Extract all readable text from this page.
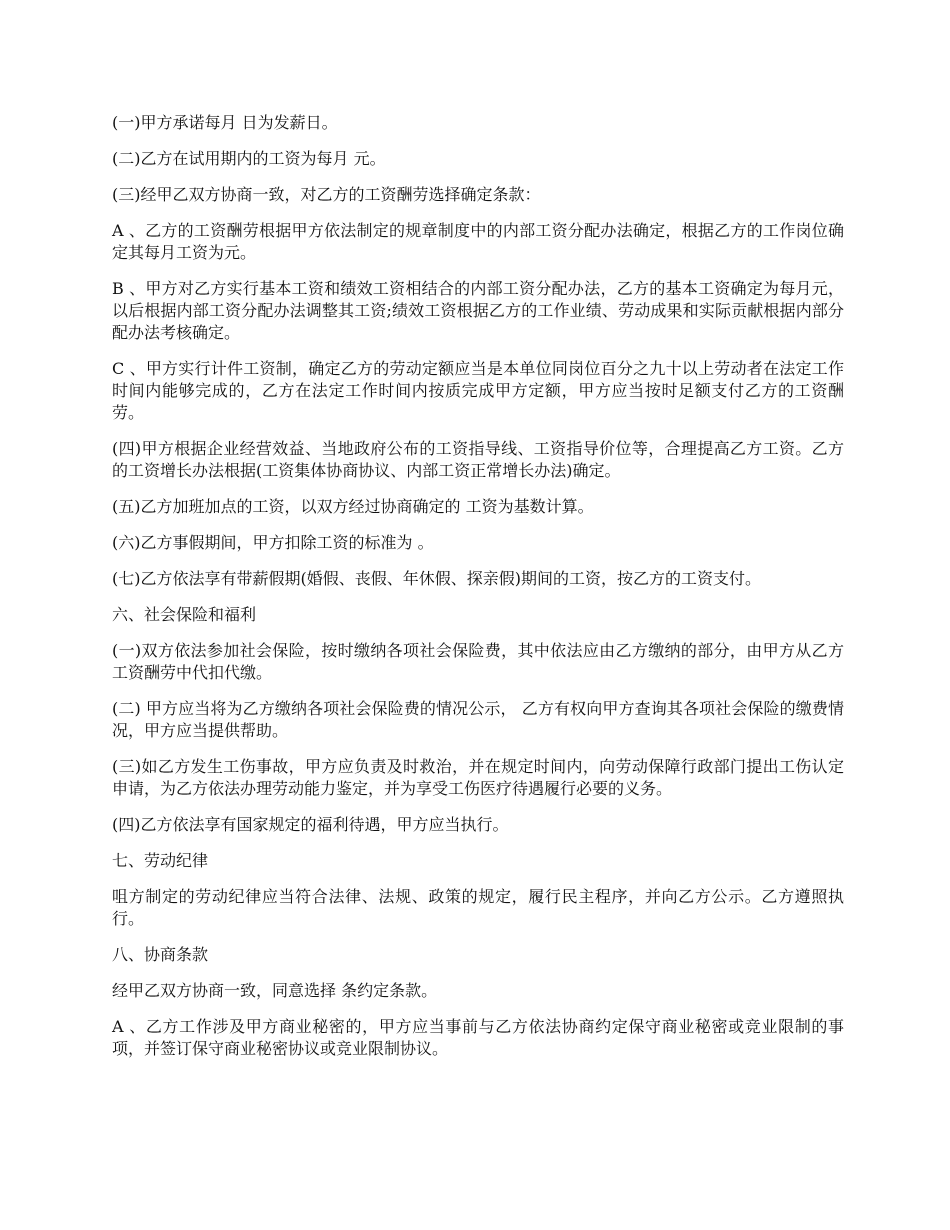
(一)甲方承诺每月 日为发薪日。

(二)乙方在试用期内的工资为每月 元。

(三)经甲乙双方协商一致，对乙方的工资酬劳选择确定条款：

A 、乙方的工资酬劳根据甲方依法制定的规章制度中的内部工资分配办法确定，根据乙方的工作岗位确定其每月工资为元。

B 、甲方对乙方实行基本工资和绩效工资相结合的内部工资分配办法，乙方的基本工资确定为每月元，以后根据内部工资分配办法调整其工资;绩效工资根据乙方的工作业绩、劳动成果和实际贡献根据内部分配办法考核确定。

C 、甲方实行计件工资制，确定乙方的劳动定额应当是本单位同岗位百分之九十以上劳动者在法定工作时间内能够完成的，乙方在法定工作时间内按质完成甲方定额，甲方应当按时足额支付乙方的工资酬劳。

(四)甲方根据企业经营效益、当地政府公布的工资指导线、工资指导价位等，合理提高乙方工资。乙方的工资增长办法根据(工资集体协商协议、内部工资正常增长办法)确定。

(五)乙方加班加点的工资，以双方经过协商确定的 工资为基数计算。

(六)乙方事假期间，甲方扣除工资的标准为 。

(七)乙方依法享有带薪假期(婚假、丧假、年休假、探亲假)期间的工资，按乙方的工资支付。

六、社会保险和福利

(一)双方依法参加社会保险，按时缴纳各项社会保险费，其中依法应由乙方缴纳的部分，由甲方从乙方工资酬劳中代扣代缴。

(二) 甲方应当将为乙方缴纳各项社会保险费的情况公示， 乙方有权向甲方查询其各项社会保险的缴费情况，甲方应当提供帮助。

(三)如乙方发生工伤事故，甲方应负责及时救治，并在规定时间内，向劳动保障行政部门提出工伤认定申请，为乙方依法办理劳动能力鉴定，并为享受工伤医疗待遇履行必要的义务。

(四)乙方依法享有国家规定的福利待遇，甲方应当执行。

七、劳动纪律

咀方制定的劳动纪律应当符合法律、法规、政策的规定，履行民主程序，并向乙方公示。乙方遵照执行。

八、协商条款

经甲乙双方协商一致，同意选择 条约定条款。

A 、乙方工作涉及甲方商业秘密的，甲方应当事前与乙方依法协商约定保守商业秘密或竞业限制的事项，并签订保守商业秘密协议或竞业限制协议。
